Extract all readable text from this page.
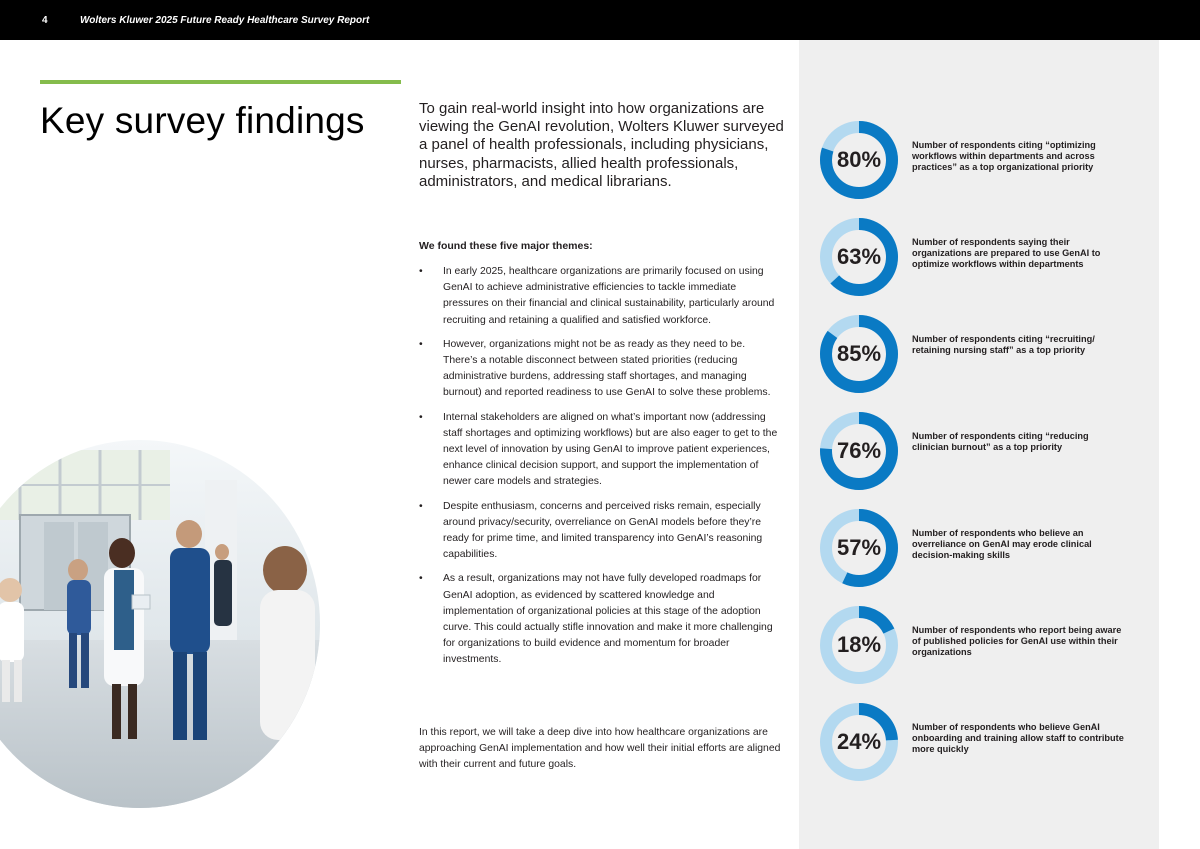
4	Wolters Kluwer 2025 Future Ready Healthcare Survey Report
Key survey findings	To gain real-world insight into how organizations are viewing the GenAI revolution, Wolters Kluwer surveyed a panel of health professionals, including physicians, nurses, pharmacists, allied health professionals, administrators, and medical librarians.

We found these five major themes:

• In early 2025, healthcare organizations are primarily focused on using GenAI to achieve administrative efficiencies to tackle immediate pressures on their financial and clinical sustainability, particularly around recruiting and retaining a qualified and satisfied workforce.
• However, organizations might not be as ready as they need to be. There’s a notable disconnect between stated priorities (reducing administrative burdens, addressing staff shortages, and managing burnout) and reported readiness to use GenAI to solve these problems.
• Internal stakeholders are aligned on what’s important now (addressing staff shortages and optimizing workflows) but are also eager to get to the next level of innovation by using GenAI to improve patient experiences, enhance clinical decision support, and support the implementation of newer care models and strategies.
• Despite enthusiasm, concerns and perceived risks remain, especially around privacy/security, overreliance on GenAI models before they’re ready for prime time, and limited transparency into GenAI’s reasoning capabilities.
• As a result, organizations may not have fully developed roadmaps for GenAI adoption, as evidenced by scattered knowledge and implementation of organizational policies at this stage of the adoption curve. This could actually stifle innovation and make it more challenging for organizations to build evidence and momentum for broader investments.

In this report, we will take a deep dive into how healthcare organizations are approaching GenAI implementation and how well their initial efforts are aligned with their current and future goals.

80%

Number of respondents citing “optimizing workflows within departments and across practices” as a top organizational priority

63%

Number of respondents saying their organizations are prepared to use GenAI to optimize workflows within departments

85%

Number of respondents citing “recruiting/ retaining nursing staff” as a top priority

76%

Number of respondents citing “reducing clinician burnout” as a top priority

57%

Number of respondents who believe an overreliance on GenAI may erode clinical decision-making skills

18%

Number of respondents who report being aware of published policies for GenAI use within their organizations

24%

Number of respondents who believe GenAI onboarding and training allow staff to contribute more quickly
